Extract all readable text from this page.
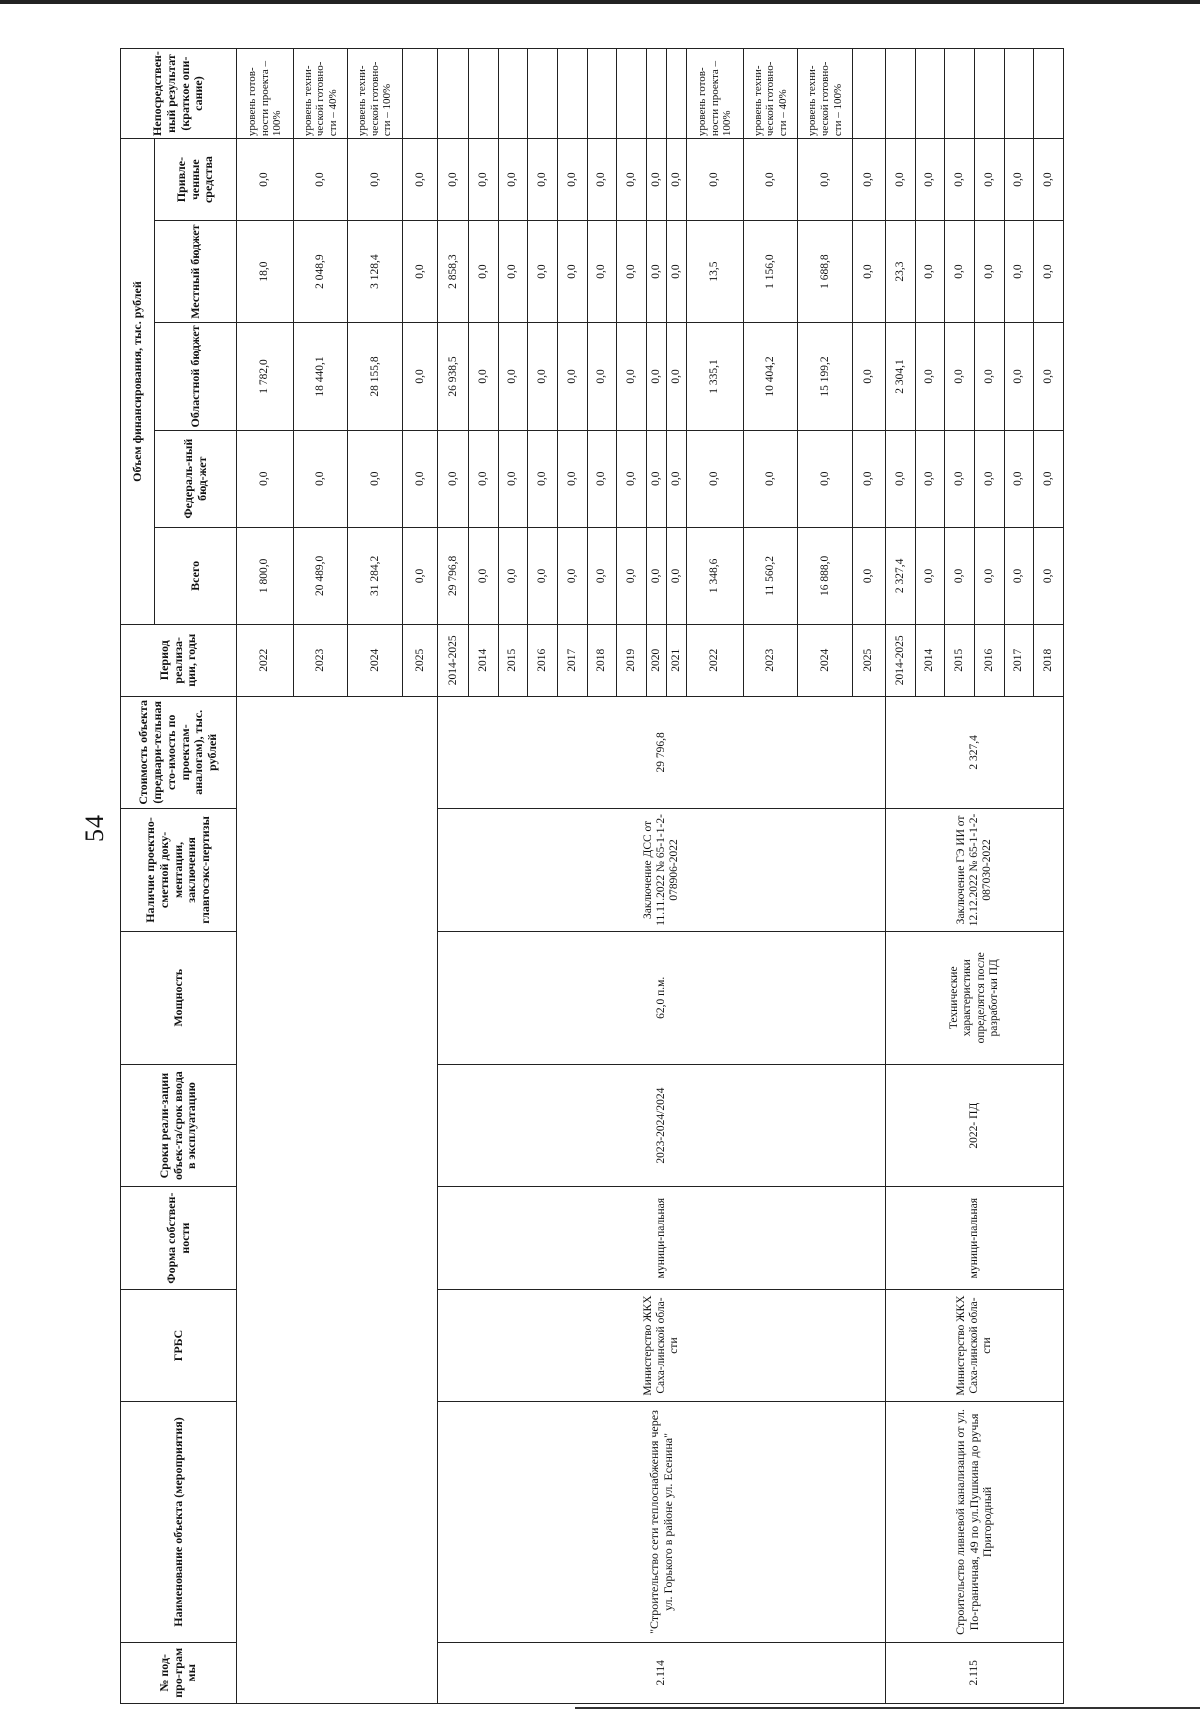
54
№ под-про-грам мы	Наименование объекта (мероприятия)	ГРБС	Форма собствен-ности	Сроки реали-зации объек-та/срок ввода в эксплуатацию	Мощность	Наличие проектно-сметной доку-ментации, заключения главгосэкс-пертизы	Стоимость объекта (предвари-тельная сто-имость по проектам-аналогам), тыс. рублей	Период реализа-ции, годы	Объем финансирования, тыс. рублей					Непосредствен-ный результат (краткое опи-сание)
									Всего	Федераль-ный бюд-жет	Областной бюджет	Местный бюджет	Привле-ченные средства	
								2022	1 800,0	0,0	1 782,0	18,0	0,0	уровень готов-ности проекта – 100%
								2023	20 489,0	0,0	18 440,1	2 048,9	0,0	уровень техни-ческой готовно-сти – 40%
								2024	31 284,2	0,0	28 155,8	3 128,4	0,0	уровень техни-ческой готовно-сти – 100%
								2025	0,0	0,0	0,0	0,0	0,0	
2.114	"Строительство сети теплоснабжения через ул. Горького в районе ул. Есенина"	Министерство ЖКХ Саха-линской обла-сти	муници-пальная	2023-2024/2024	62,0 п.м.	Заключение ДСС от 11.11.2022 № 65-1-1-2-078906-2022	29 796,8	2014-2025	29 796,8	0,0	26 938,5	2 858,3	0,0	
								2014	0,0	0,0	0,0	0,0	0,0	
								2015	0,0	0,0	0,0	0,0	0,0	
								2016	0,0	0,0	0,0	0,0	0,0	
								2017	0,0	0,0	0,0	0,0	0,0	
								2018	0,0	0,0	0,0	0,0	0,0	
								2019	0,0	0,0	0,0	0,0	0,0	
								2020	0,0	0,0	0,0	0,0	0,0	
								2021	0,0	0,0	0,0	0,0	0,0	
								2022	1 348,6	0,0	1 335,1	13,5	0,0	уровень готов-ности проекта – 100%
								2023	11 560,2	0,0	10 404,2	1 156,0	0,0	уровень техни-ческой готовно-сти – 40%
								2024	16 888,0	0,0	15 199,2	1 688,8	0,0	уровень техни-ческой готовно-сти – 100%
								2025	0,0	0,0	0,0	0,0	0,0	
2.115	Строительство ливневой канализации от ул. По-граничная, 49 по ул.Пушкина до ручья Пригородный	Министерство ЖКХ Саха-линской обла-сти	муници-пальная	2022- ПД	Технические характеристики определятся после разработ-ки ПД	Заключение ГЭ ИИ от 12.12.2022 № 65-1-1-2-087030-2022	2 327,4	2014-2025	2 327,4	0,0	2 304,1	23,3	0,0	
								2014	0,0	0,0	0,0	0,0	0,0	
								2015	0,0	0,0	0,0	0,0	0,0	
								2016	0,0	0,0	0,0	0,0	0,0	
								2017	0,0	0,0	0,0	0,0	0,0	
								2018	0,0	0,0	0,0	0,0	0,0	
